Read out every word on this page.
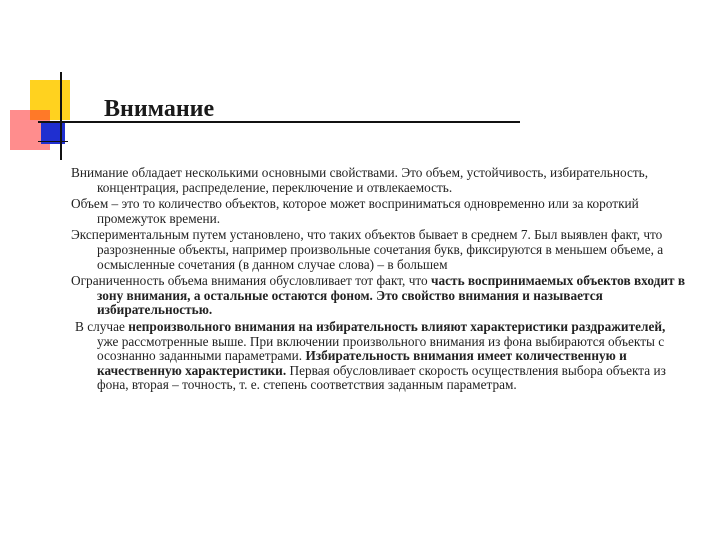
Внимание

Внимание обладает несколькими основными свойствами. Это объем, устойчивость, избирательность, концентрация, распределение, переключение и отвлекаемость.

Объем – это то количество объектов, которое может восприниматься одновременно или за короткий промежуток времени.

Экспериментальным путем установлено, что таких объектов бывает в среднем 7. Был выявлен факт, что разрозненные объекты, например произвольные сочетания букв, фиксируются в меньшем объеме, а осмысленные сочетания (в данном случае слова) – в большем

Ограниченность объема внимания обусловливает тот факт, что часть воспринимаемых объектов входит в зону внимания, а остальные остаются фоном. Это свойство внимания и называется избирательностью.

В случае непроизвольного внимания на избирательность влияют характеристики раздражителей, уже рассмотренные выше. При включении произвольного внимания из фона выбираются объекты с осознанно заданными параметрами. Избирательность внимания имеет количественную и качественную характеристики. Первая обусловливает скорость осуществления выбора объекта из фона, вторая – точность, т. е. степень соответствия заданным параметрам.
